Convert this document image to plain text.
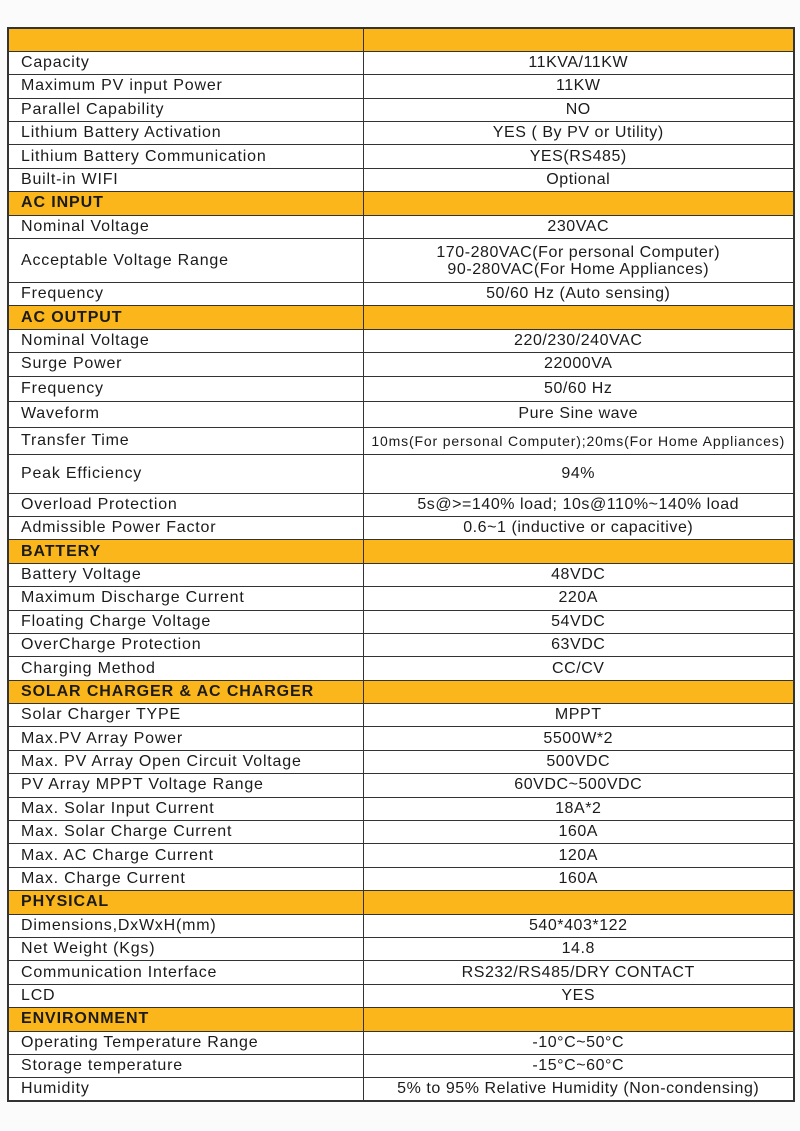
Capacity	11KVA/11KW
Maximum PV input Power	11KW
Parallel Capability	NO
Lithium Battery Activation	YES ( By PV or Utility)
Lithium Battery Communication	YES(RS485)
Built-in WIFI	Optional
AC INPUT	
Nominal Voltage	230VAC
Acceptable Voltage Range	170-280VAC(For personal Computer)
90-280VAC(For Home Appliances)
Frequency	50/60 Hz (Auto sensing)
AC OUTPUT	
Nominal Voltage	220/230/240VAC
Surge Power	22000VA
Frequency	50/60 Hz
Waveform	Pure Sine wave
Transfer Time	10ms(For personal Computer);20ms(For Home Appliances)
Peak Efficiency	94%
Overload Protection	5s@>=140% load; 10s@110%~140% load
Admissible Power Factor	0.6~1 (inductive or capacitive)
BATTERY	
Battery Voltage	48VDC
Maximum Discharge Current	220A
Floating Charge Voltage	54VDC
OverCharge Protection	63VDC
Charging Method	CC/CV
SOLAR CHARGER & AC CHARGER	
Solar Charger TYPE	MPPT
Max.PV Array Power	5500W*2
Max. PV Array Open Circuit Voltage	500VDC
PV Array MPPT Voltage Range	60VDC~500VDC
Max. Solar Input Current	18A*2
Max. Solar Charge Current	160A
Max. AC Charge Current	120A
Max. Charge Current	160A
PHYSICAL	
Dimensions,DxWxH(mm)	540*403*122
Net Weight (Kgs)	14.8
Communication Interface	RS232/RS485/DRY CONTACT
LCD	YES
ENVIRONMENT	
Operating Temperature Range	-10°C~50°C
Storage temperature	-15°C~60°C
Humidity	5% to 95% Relative Humidity (Non-condensing)
